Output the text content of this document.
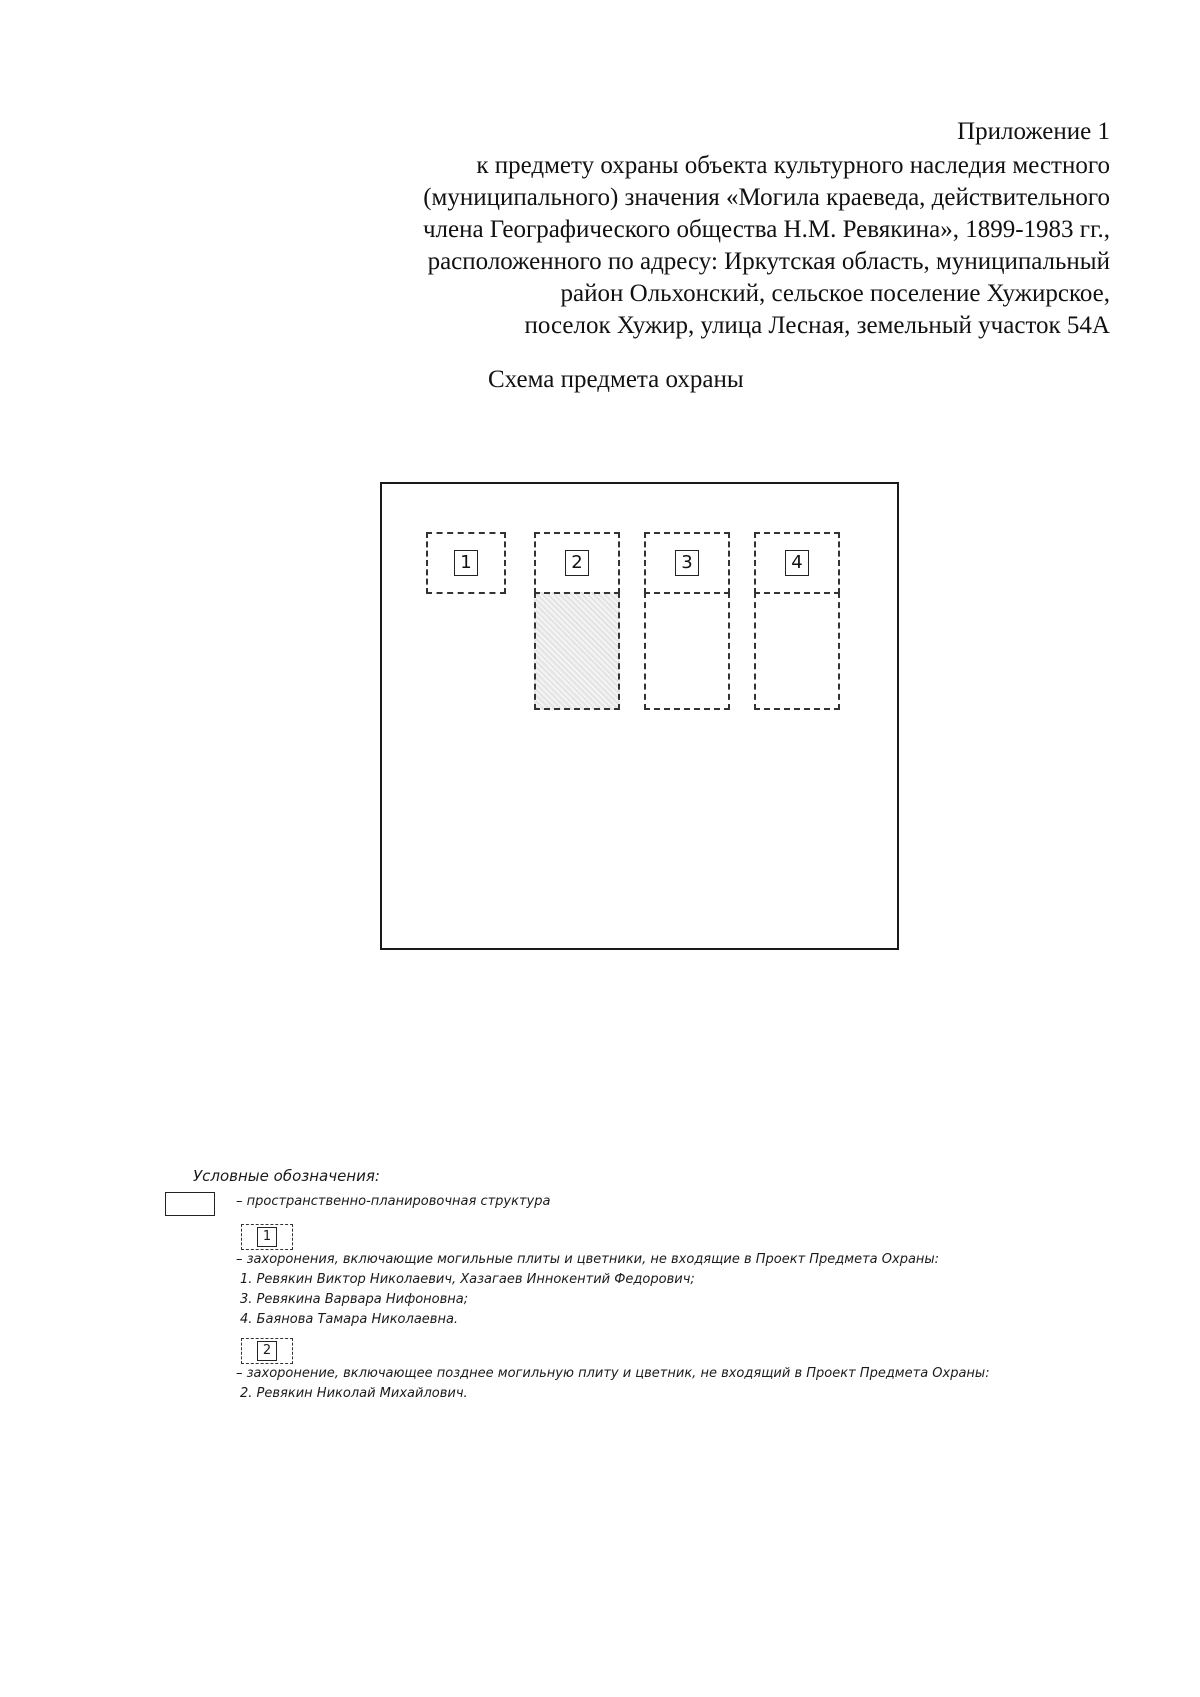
Приложение 1
к предмету охраны объекта культурного наследия местного
(муниципального) значения «Могила краеведа, действительного
члена Географического общества Н.М. Ревякина», 1899-1983 гг.,
расположенного по адресу: Иркутская область, муниципальный
район Ольхонский, сельское поселение Хужирское,
поселок Хужир, улица Лесная, земельный участок 54А
Схема предмета охраны
1	2	3	4
Условные обозначения:
– пространственно-планировочная структура
1
– захоронения, включающие могильные плиты и цветники, не входящие в Проект Предмета Охраны:
1. Ревякин Виктор Николаевич, Хазагаев Иннокентий Федорович;
3. Ревякина Варвара Нифоновна;
4. Баянова Тамара Николаевна.
2
– захоронение, включающее позднее могильную плиту и цветник, не входящий в Проект Предмета Охраны:
2. Ревякин Николай Михайлович.
